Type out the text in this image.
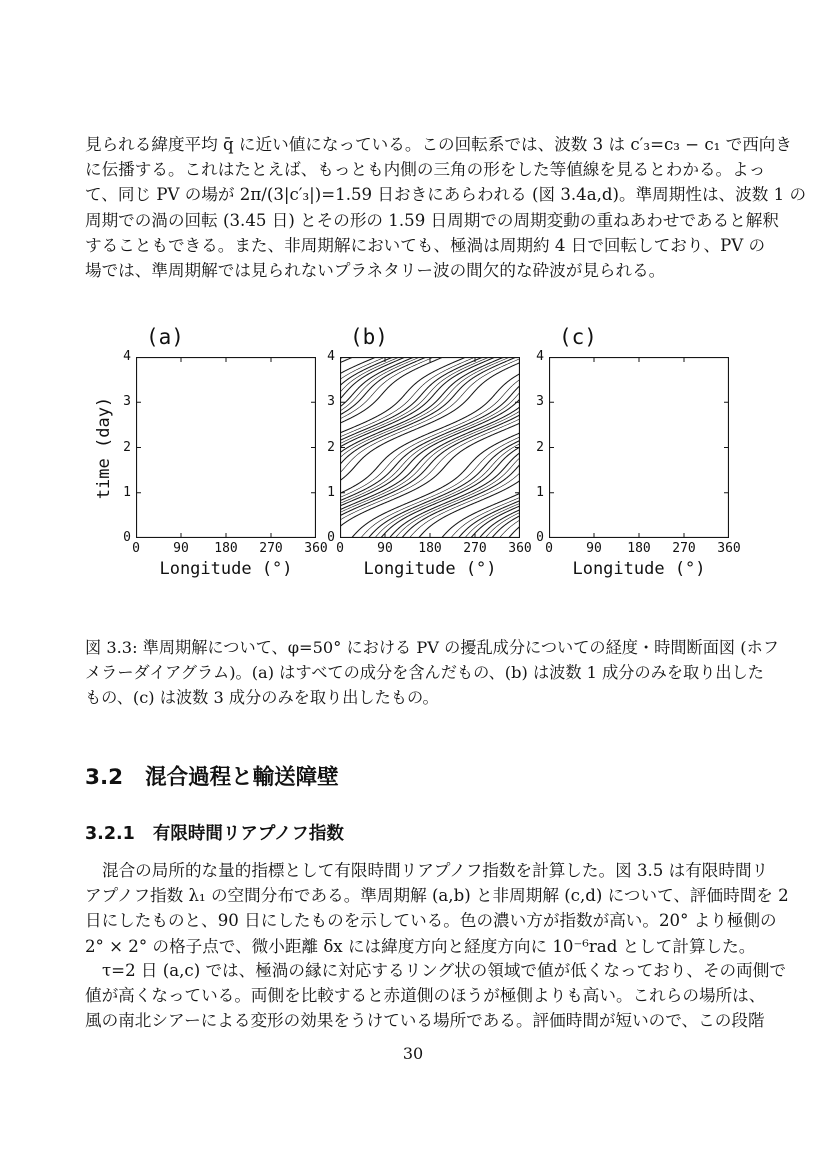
見られる緯度平均 q̄ に近い値になっている。この回転系では、波数 3 は c′₃=c₃ − c₁ で西向き
に伝播する。これはたとえば、もっとも内側の三角の形をした等値線を見るとわかる。よっ
て、同じ PV の場が 2π/(3|c′₃|)=1.59 日おきにあらわれる (図 3.4a,d)。準周期性は、波数 1 の
周期での渦の回転 (3.45 日) とその形の 1.59 日周期での周期変動の重ねあわせであると解釈
することもできる。また、非周期解においても、極渦は周期約 4 日で回転しており、PV の
場では、準周期解では見られないプラネタリー波の間欠的な砕波が見られる。
time (day)
(a)
4
3
2
1
0
0	90	180	270	360
Longitude (°)
(b)
4
3
2
1
0
0	90	180	270	360
Longitude (°)
(c)
4
3
2
1
0
0	90	180	270	360
Longitude (°)
図 3.3: 準周期解について、φ=50° における PV の擾乱成分についての経度・時間断面図 (ホフ
メラーダイアグラム)。(a) はすべての成分を含んだもの、(b) は波数 1 成分のみを取り出した
もの、(c) は波数 3 成分のみを取り出したもの。
3.2 混合過程と輸送障壁
3.2.1 有限時間リアプノフ指数
混合の局所的な量的指標として有限時間リアプノフ指数を計算した。図 3.5 は有限時間リ
アプノフ指数 λ₁ の空間分布である。準周期解 (a,b) と非周期解 (c,d) について、評価時間を 2
日にしたものと、90 日にしたものを示している。色の濃い方が指数が高い。20° より極側の
2° × 2° の格子点で、微小距離 δx には緯度方向と経度方向に 10⁻⁶rad として計算した。
τ=2 日 (a,c) では、極渦の縁に対応するリング状の領域で値が低くなっており、その両側で
値が高くなっている。両側を比較すると赤道側のほうが極側よりも高い。これらの場所は、
風の南北シアーによる変形の効果をうけている場所である。評価時間が短いので、この段階
30
